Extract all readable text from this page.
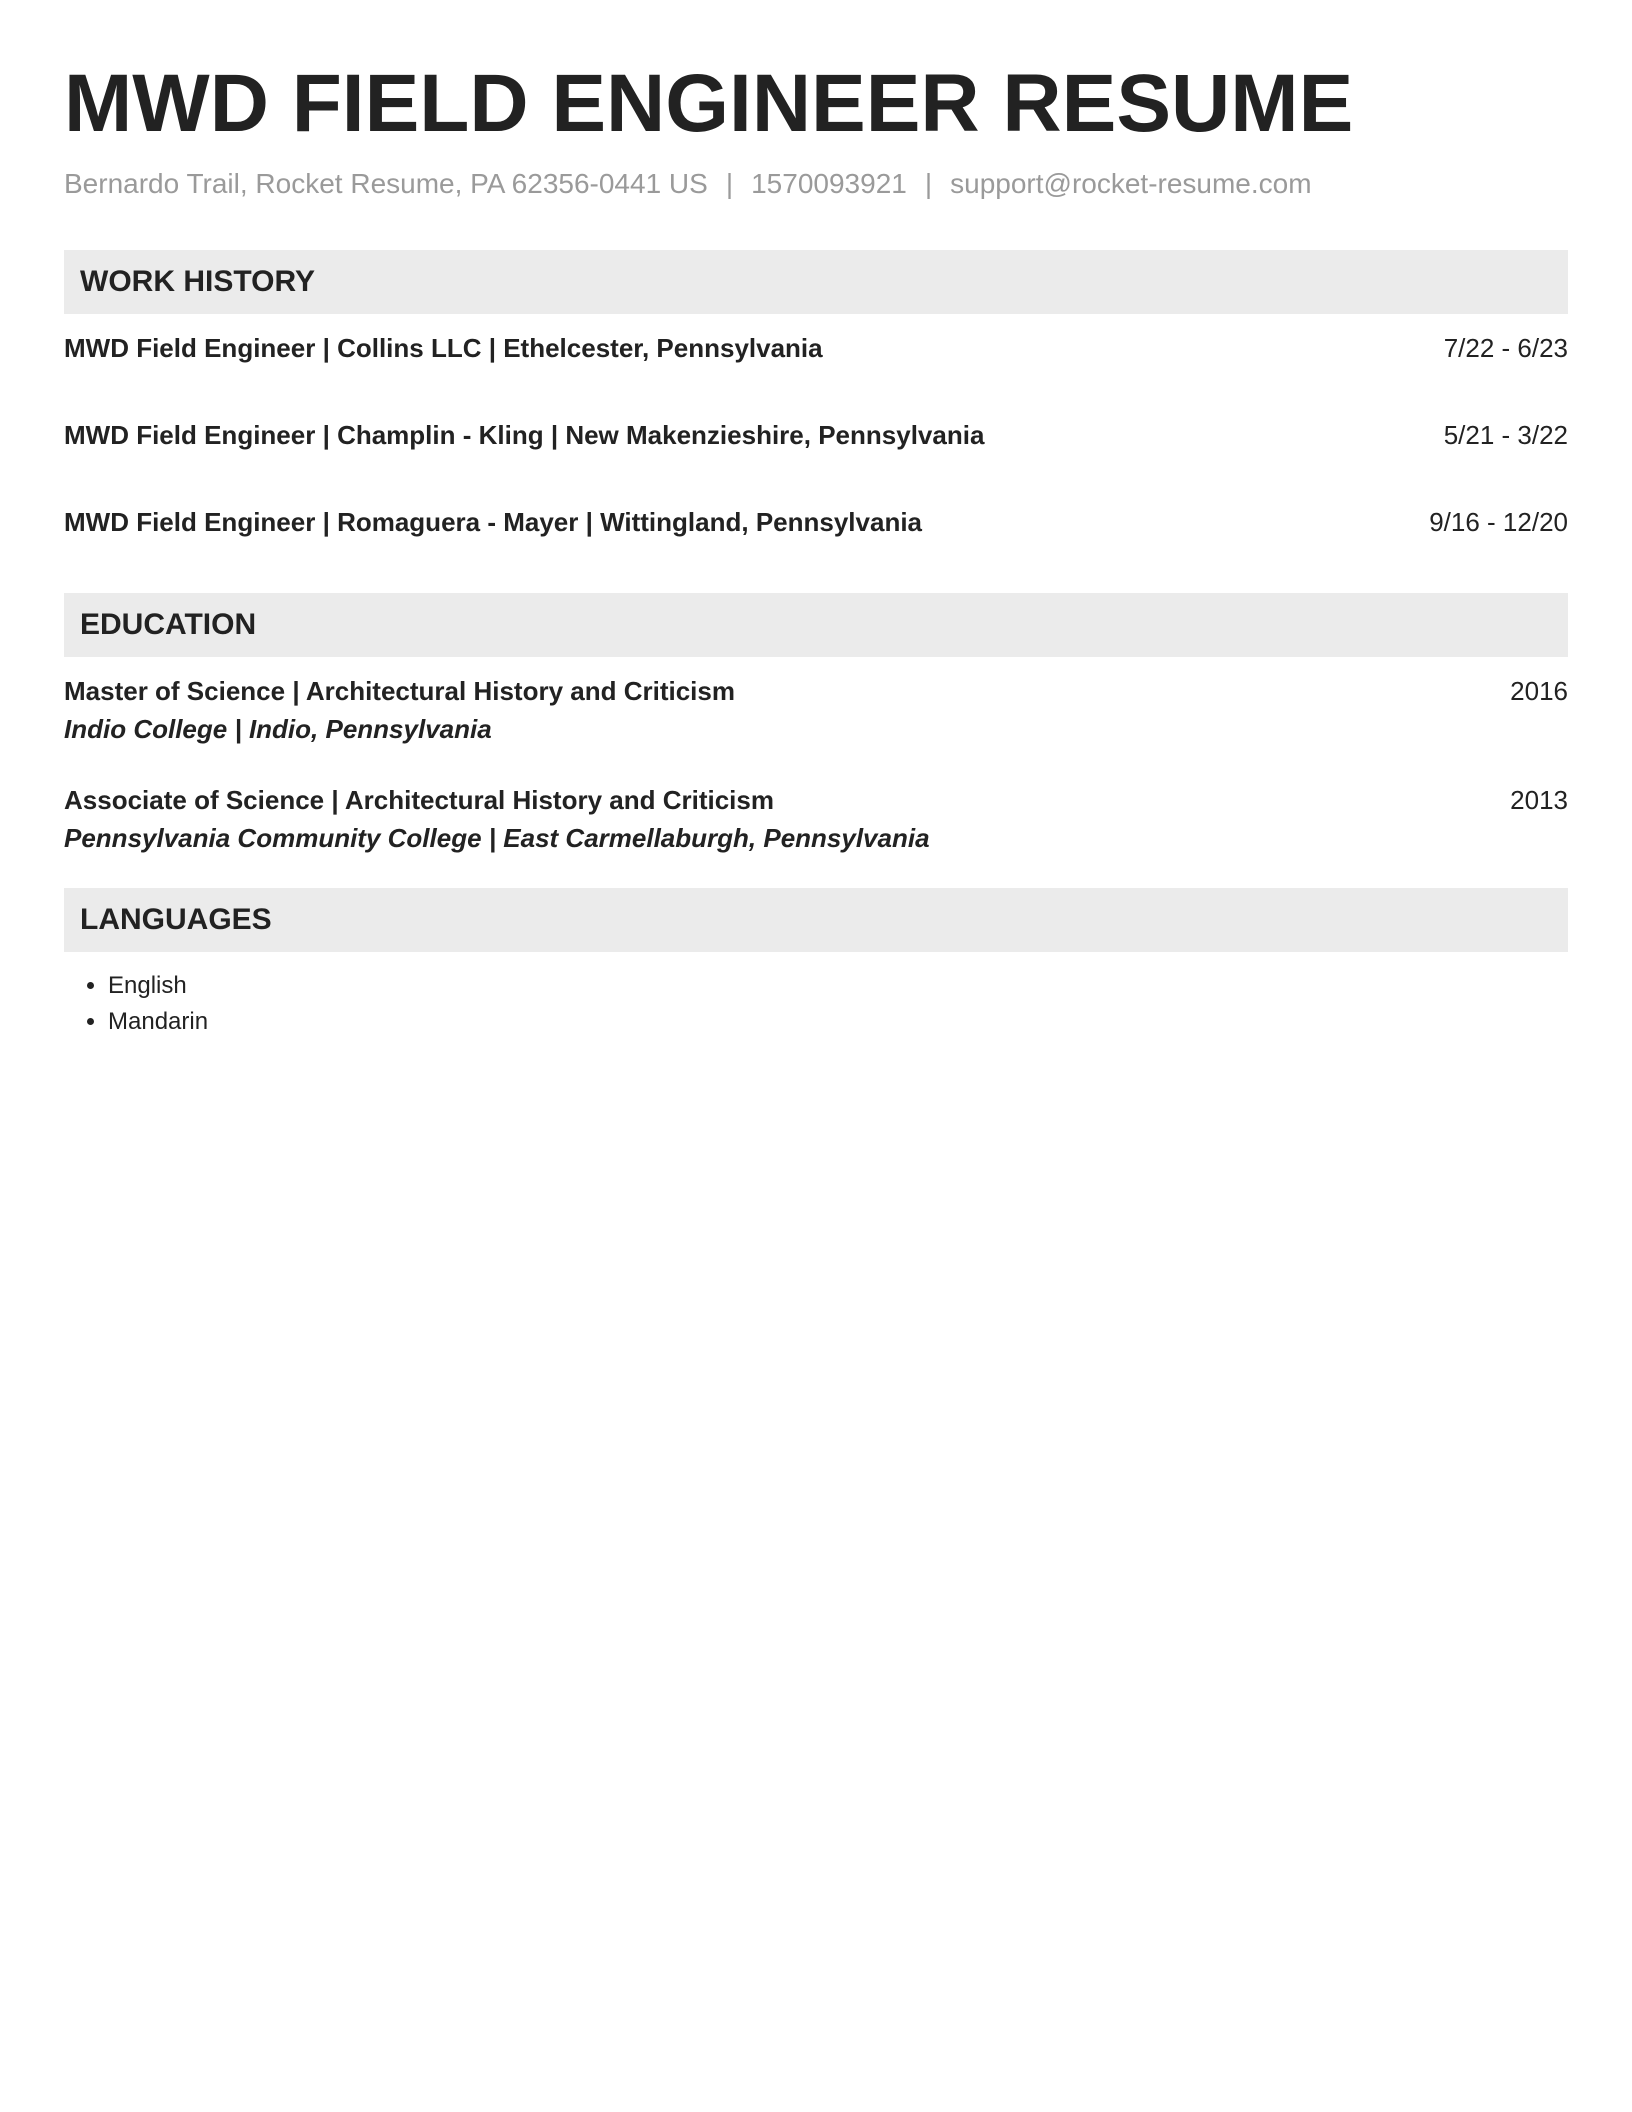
MWD FIELD ENGINEER RESUME
Bernardo Trail, Rocket Resume, PA 62356-0441 US | 1570093921 | support@rocket-resume.com
WORK HISTORY
MWD Field Engineer | Collins LLC | Ethelcester, Pennsylvania	7/22 - 6/23
MWD Field Engineer | Champlin - Kling | New Makenzieshire, Pennsylvania	5/21 - 3/22
MWD Field Engineer | Romaguera - Mayer | Wittingland, Pennsylvania	9/16 - 12/20
EDUCATION
Master of Science | Architectural History and Criticism	2016
Indio College | Indio, Pennsylvania
Associate of Science | Architectural History and Criticism	2013
Pennsylvania Community College | East Carmellaburgh, Pennsylvania
LANGUAGES
• English
• Mandarin
